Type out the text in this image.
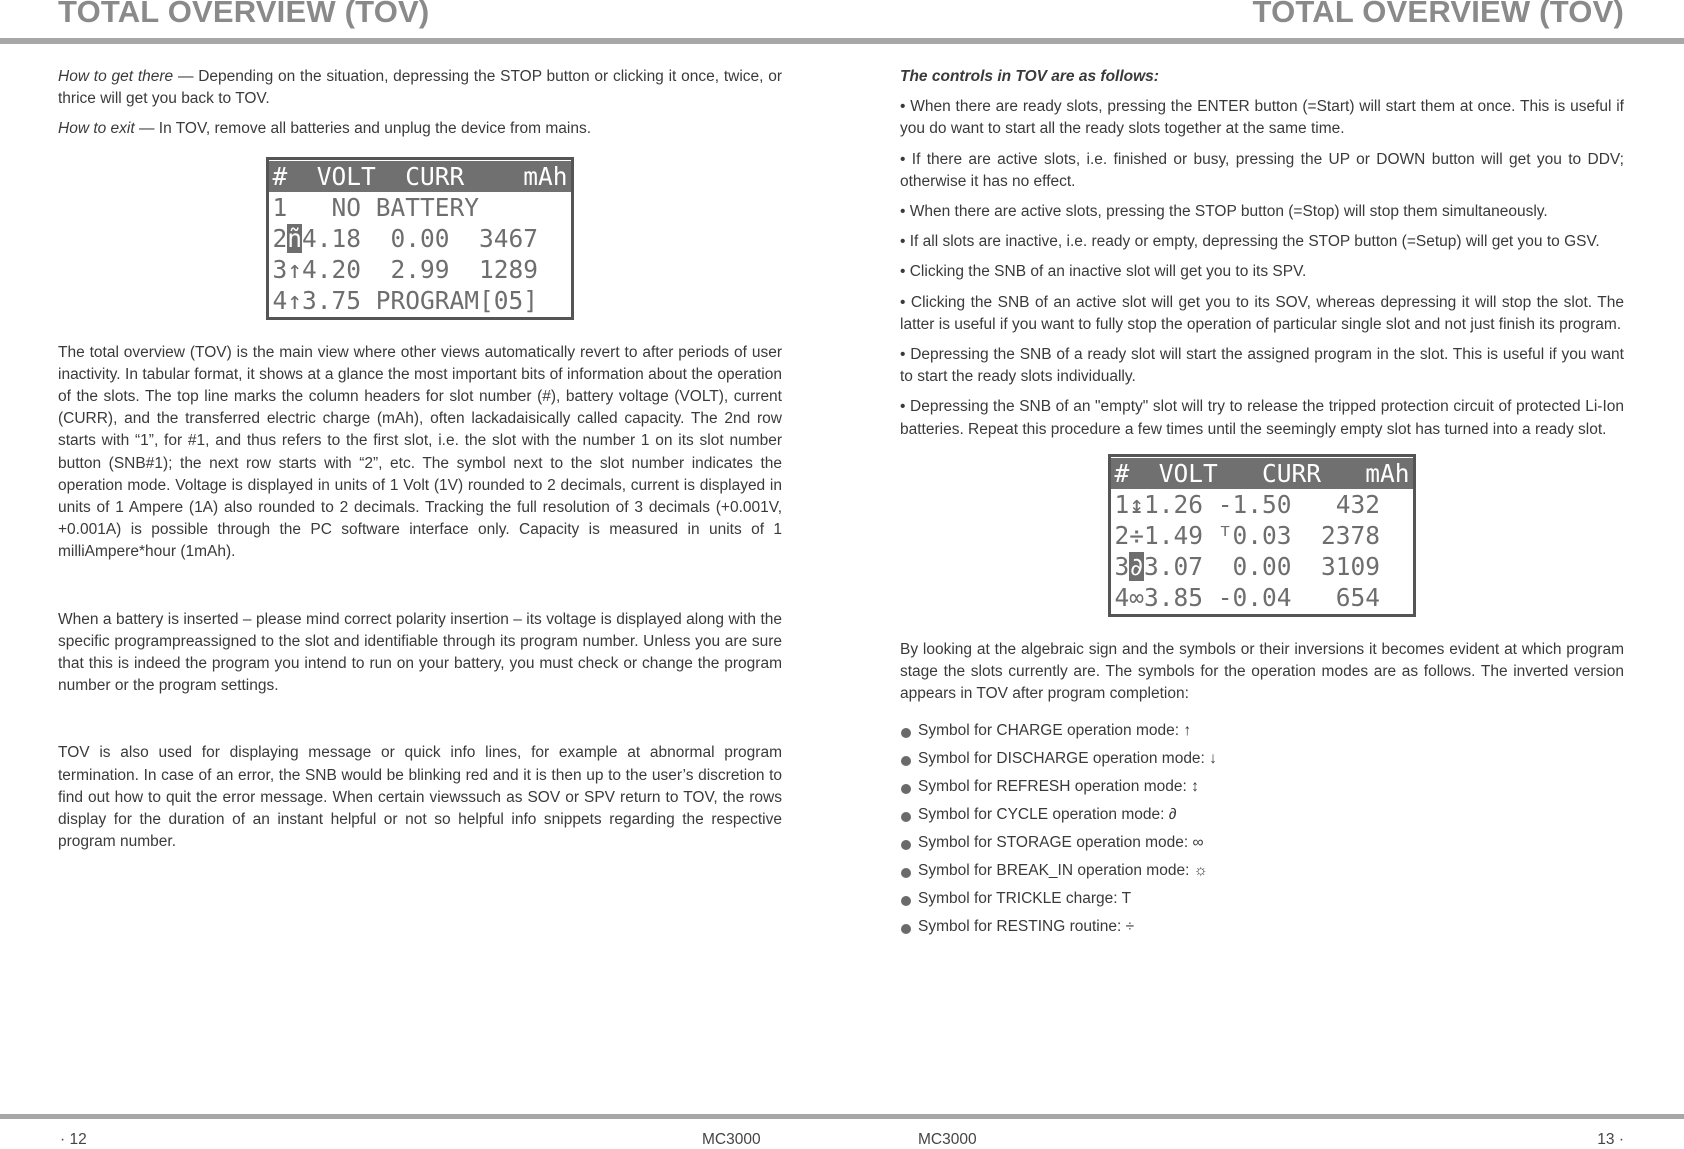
TOTAL OVERVIEW (TOV)	TOTAL OVERVIEW (TOV)

How to get there — Depending on the situation, depressing the STOP button or clicking it once, twice, or thrice will get you back to TOV.

How to exit — In TOV, remove all batteries and unplug the device from mains.

#  VOLT  CURR    mAh
1   NO BATTERY
2ñ4.18  0.00  3467
3↑4.20  2.99  1289
4↑3.75 PROGRAM[05]

The total overview (TOV) is the main view where other views automatically revert to after periods of user inactivity. In tabular format, it shows at a glance the most important bits of information about the operation of the slots. The top line marks the column headers for slot number (#), battery voltage (VOLT), current (CURR), and the transferred electric charge (mAh), often lackadaisically called capacity. The 2nd row starts with “1”, for #1, and thus refers to the first slot, i.e. the slot with the number 1 on its slot number button (SNB#1); the next row starts with “2”, etc. The symbol next to the slot number indicates the operation mode. Voltage is displayed in units of 1 Volt (1V) rounded to 2 decimals, current is displayed in units of 1 Ampere (1A) also rounded to 2 decimals. Tracking the full resolution of 3 decimals (+0.001V, +0.001A) is possible through the PC software interface only. Capacity is measured in units of 1 milliAmpere*hour (1mAh).

When a battery is inserted – please mind correct polarity insertion – its voltage is displayed along with the specific programpreassigned to the slot and identifiable through its program number. Unless you are sure that this is indeed the program you intend to run on your battery, you must check or change the program number or the program settings.

TOV is also used for displaying message or quick info lines, for example at abnormal program termination. In case of an error, the SNB would be blinking red and it is then up to the user’s discretion to find out how to quit the error message. When certain viewssuch as SOV or SPV return to TOV, the rows display for the duration of an instant helpful or not so helpful info snippets regarding the respective program number.

The controls in TOV are as follows:

• When there are ready slots, pressing the ENTER button (=Start) will start them at once. This is useful if you do want to start all the ready slots together at the same time.

• If there are active slots, i.e. finished or busy, pressing the UP or DOWN button will get you to DDV; otherwise it has no effect.

• When there are active slots, pressing the STOP button (=Stop) will stop them simultaneously.

• If all slots are inactive, i.e. ready or empty, depressing the STOP button (=Setup) will get you to GSV.

• Clicking the SNB of an inactive slot will get you to its SPV.

• Clicking the SNB of an active slot will get you to its SOV, whereas depressing it will stop the slot. The latter is useful if you want to fully stop the operation of particular single slot and not just finish its program.

• Depressing the SNB of a ready slot will start the assigned program in the slot. This is useful if you want to start the ready slots individually.

• Depressing the SNB of an "empty" slot will try to release the tripped protection circuit of protected Li-Ion batteries. Repeat this procedure a few times until the seemingly empty slot has turned into a ready slot.

#  VOLT   CURR   mAh
1↨1.26 -1.50   432
2÷1.49 ᵀ0.03  2378
3∂3.07  0.00  3109
4∞3.85 -0.04   654

By looking at the algebraic sign and the symbols or their inversions it becomes evident at which program stage the slots currently are. The symbols for the operation modes are as follows. The inverted version appears in TOV after program completion:

Symbol for CHARGE operation mode: ↑
Symbol for DISCHARGE operation mode: ↓
Symbol for REFRESH operation mode: ↕
Symbol for CYCLE operation mode: ∂
Symbol for STORAGE operation mode: ∞
Symbol for BREAK_IN operation mode: ☼
Symbol for TRICKLE charge: T
Symbol for RESTING routine: ÷
· 12	MC3000	MC3000	13 ·
